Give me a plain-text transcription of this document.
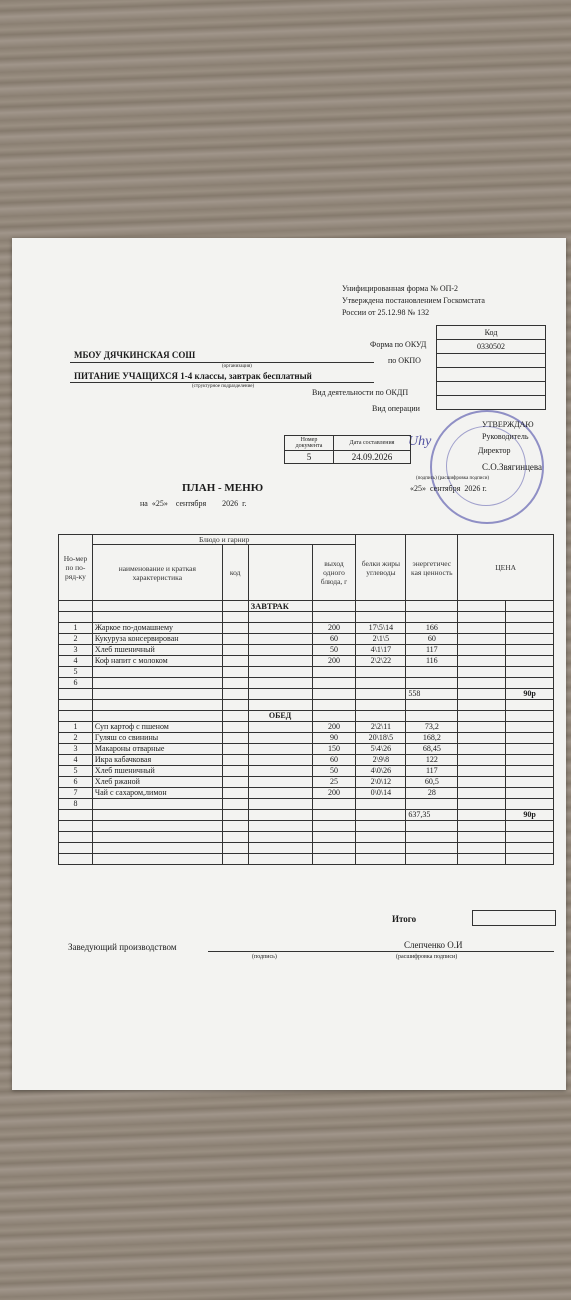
Унифицированная форма № ОП-2
Утверждена постановлением Госкомстата
России от 25.12.98 № 132
Код
0330502

Форма по ОКУД
по ОКПО
Вид деятельности по ОКДП
Вид операции
МБОУ ДЯЧКИНСКАЯ СОШ
(организация)
ПИТАНИЕ УЧАЩИХСЯ 1-4 классы, завтрак бесплатный
(структурное подразделение)
Uhy
УТВЕРЖДАЮ
Руководитель
Директор
С.О.Звягинцева
(подпись) (расшифровка подписи)
«25»  сентября 2026 г.
Номер документа	Дата составления
5	24.09.2026
ПЛАН - МЕНЮ
на  «25»    сентября 2026 г.
Но-мер по по-ряд-ку	Блюдо и гарнир				белки жиры углеводы	энергетичес кая ценность	ЦЕНА	
	наименование и краткая характеристика	код		выход одного блюда, г				

			ЗАВТРАК					

1	Жаркое по-домашнему			200	17\5\14	166		
2	Кукуруза консервирован			60	2\1\5	60		
3	Хлеб пшеничный			50	4\1\17	117		
4	Коф напит с молоком			200	2\2\22	116		
5								
6								
						558		90р

			ОБЕД					
1	Суп картоф с пшеном			200	2\2\11	73,2		
2	Гуляш со свинины			90	20\18\5	168,2		
3	Макароны отварные			150	5\4\26	68,45		
4	Икра кабачковая			60	2\9\8	122		
5	Хлеб пшеничный			50	4\0\26	117		
6	Хлеб ржаной			25	2\0\12	60,5		
7	Чай с сахаром,лимон			200	0\0\14	28		
8								
						637,35		90р

Итого
Заведующий производством	Слепченко О.И
(подпись)	(расшифровка подписи)
